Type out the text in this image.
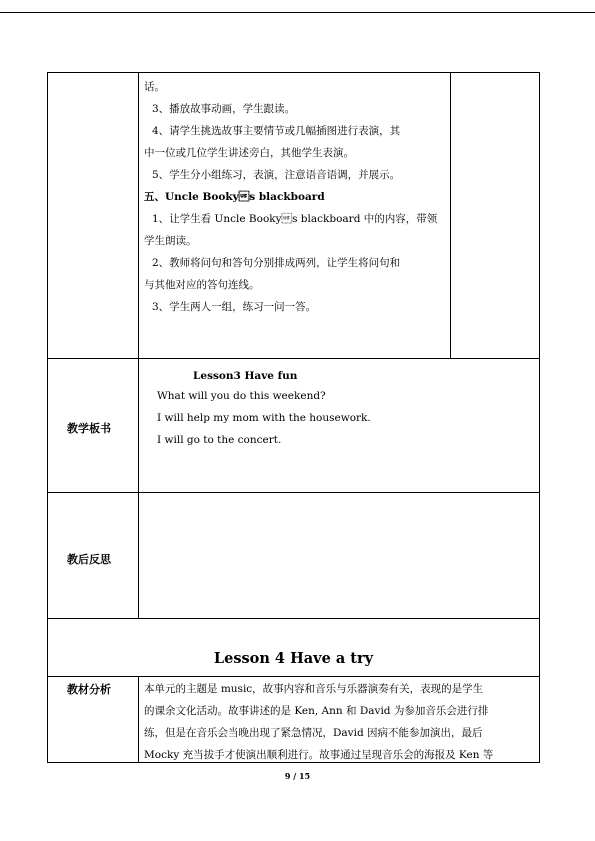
话。
3、播放故事动画，学生跟读。
4、请学生挑选故事主要情节或几幅插图进行表演，其
中一位或几位学生讲述旁白，其他学生表演。
5、学生分小组练习，表演，注意语音语调，并展示。
五、Uncle Bookys blackboard
1、让学生看 Uncle Bookys blackboard 中的内容，带领
学生朗读。
2、教师将问句和答句分别排成两列，让学生将问句和
与其他对应的答句连线。
3、学生两人一组，练习一问一答。
教学板书
Lesson3 Have fun
What will you do this weekend?
I will help my mom with the housework.
I will go to the concert.
教后反思
Lesson 4 Have a try
教材分析	本单元的主题是 music，故事内容和音乐与乐器演奏有关，表现的是学生
的课余文化活动。故事讲述的是 Ken, Ann 和 David 为参加音乐会进行排
练，但是在音乐会当晚出现了紧急情况，David 因病不能参加演出，最后
Mocky 充当拔手才使演出顺利进行。故事通过呈现音乐会的海报及 Ken 等
9 / 15
